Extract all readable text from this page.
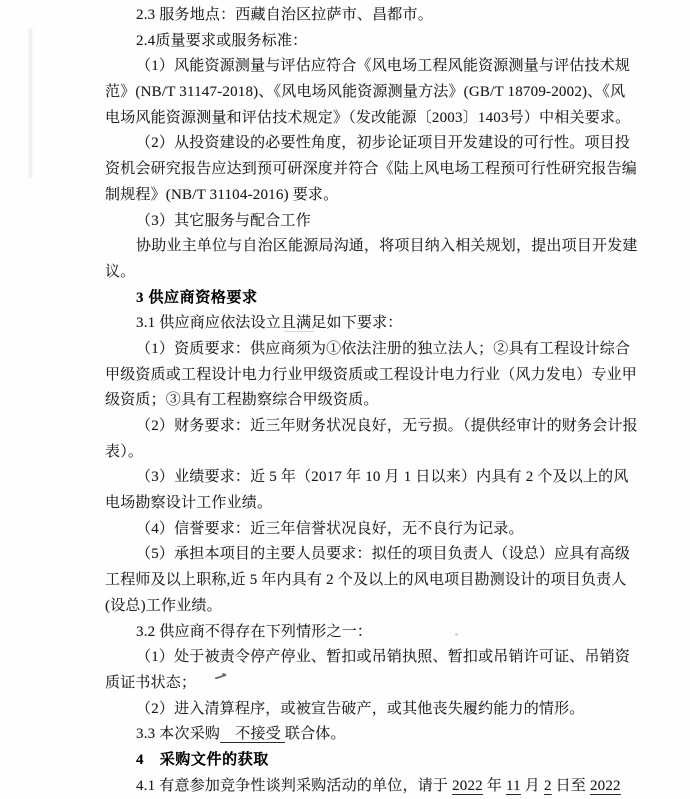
2.3 服务地点：西藏自治区拉萨市、昌都市。
2.4质量要求或服务标准：
（1）风能资源测量与评估应符合《风电场工程风能资源测量与评估技术规
范》(NB/T 31147-2018)、《风电场风能资源测量方法》(GB/T 18709-2002)、《风
电场风能资源测量和评估技术规定》（发改能源〔2003〕1403号）中相关要求。
（2）从投资建设的必要性角度，初步论证项目开发建设的可行性。项目投
资机会研究报告应达到预可研深度并符合《陆上风电场工程预可行性研究报告编
制规程》(NB/T 31104-2016) 要求。
（3）其它服务与配合工作
协助业主单位与自治区能源局沟通，将项目纳入相关规划，提出项目开发建
议。
3 供应商资格要求
3.1 供应商应依法设立且满足如下要求：
（1）资质要求：供应商须为①依法注册的独立法人；②具有工程设计综合
甲级资质或工程设计电力行业甲级资质或工程设计电力行业（风力发电）专业甲
级资质；③具有工程勘察综合甲级资质。
（2）财务要求：近三年财务状况良好，无亏损。（提供经审计的财务会计报
表）。
（3）业绩要求：近 5 年（2017 年 10 月 1 日以来）内具有 2 个及以上的风
电场勘察设计工作业绩。
（4）信誉要求：近三年信誉状况良好，无不良行为记录。
（5）承担本项目的主要人员要求：拟任的项目负责人（设总）应具有高级
工程师及以上职称,近 5 年内具有 2 个及以上的风电项目勘测设计的项目负责人
(设总)工作业绩。
3.2 供应商不得存在下列情形之一：
（1）处于被责令停产停业、暂扣或吊销执照、暂扣或吊销许可证、吊销资
质证书状态；
（2）进入清算程序，或被宣告破产，或其他丧失履约能力的情形。
3.3 本次采购　不接受 联合体。
4　采购文件的获取
4.1 有意参加竞争性谈判采购活动的单位，请于 2022 年 11 月 2 日至 2022
